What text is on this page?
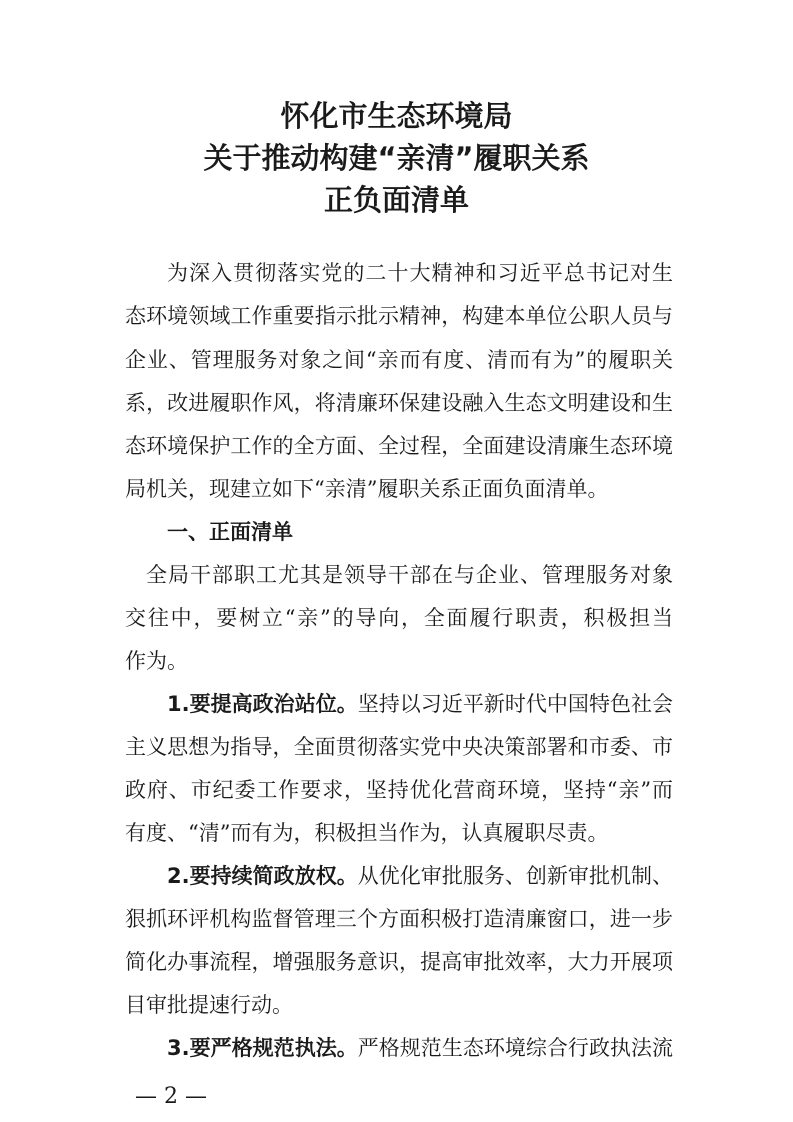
怀化市生态环境局
关于推动构建“亲清”履职关系
正负面清单
为深入贯彻落实党的二十大精神和习近平总书记对生
态环境领域工作重要指示批示精神，构建本单位公职人员与
企业、管理服务对象之间“亲而有度、清而有为”的履职关
系，改进履职作风，将清廉环保建设融入生态文明建设和生
态环境保护工作的全方面、全过程，全面建设清廉生态环境
局机关，现建立如下“亲清”履职关系正面负面清单。
一、正面清单
全局干部职工尤其是领导干部在与企业、管理服务对象
交往中，要树立“亲”的导向，全面履行职责，积极担当
作为。
1.要提高政治站位。坚持以习近平新时代中国特色社会
主义思想为指导，全面贯彻落实党中央决策部署和市委、市
政府、市纪委工作要求，坚持优化营商环境，坚持“亲”而
有度、“清”而有为，积极担当作为，认真履职尽责。
2.要持续简政放权。从优化审批服务、创新审批机制、
狠抓环评机构监督管理三个方面积极打造清廉窗口，进一步
简化办事流程，增强服务意识，提高审批效率，大力开展项
目审批提速行动。
3.要严格规范执法。严格规范生态环境综合行政执法流
— 2 —
